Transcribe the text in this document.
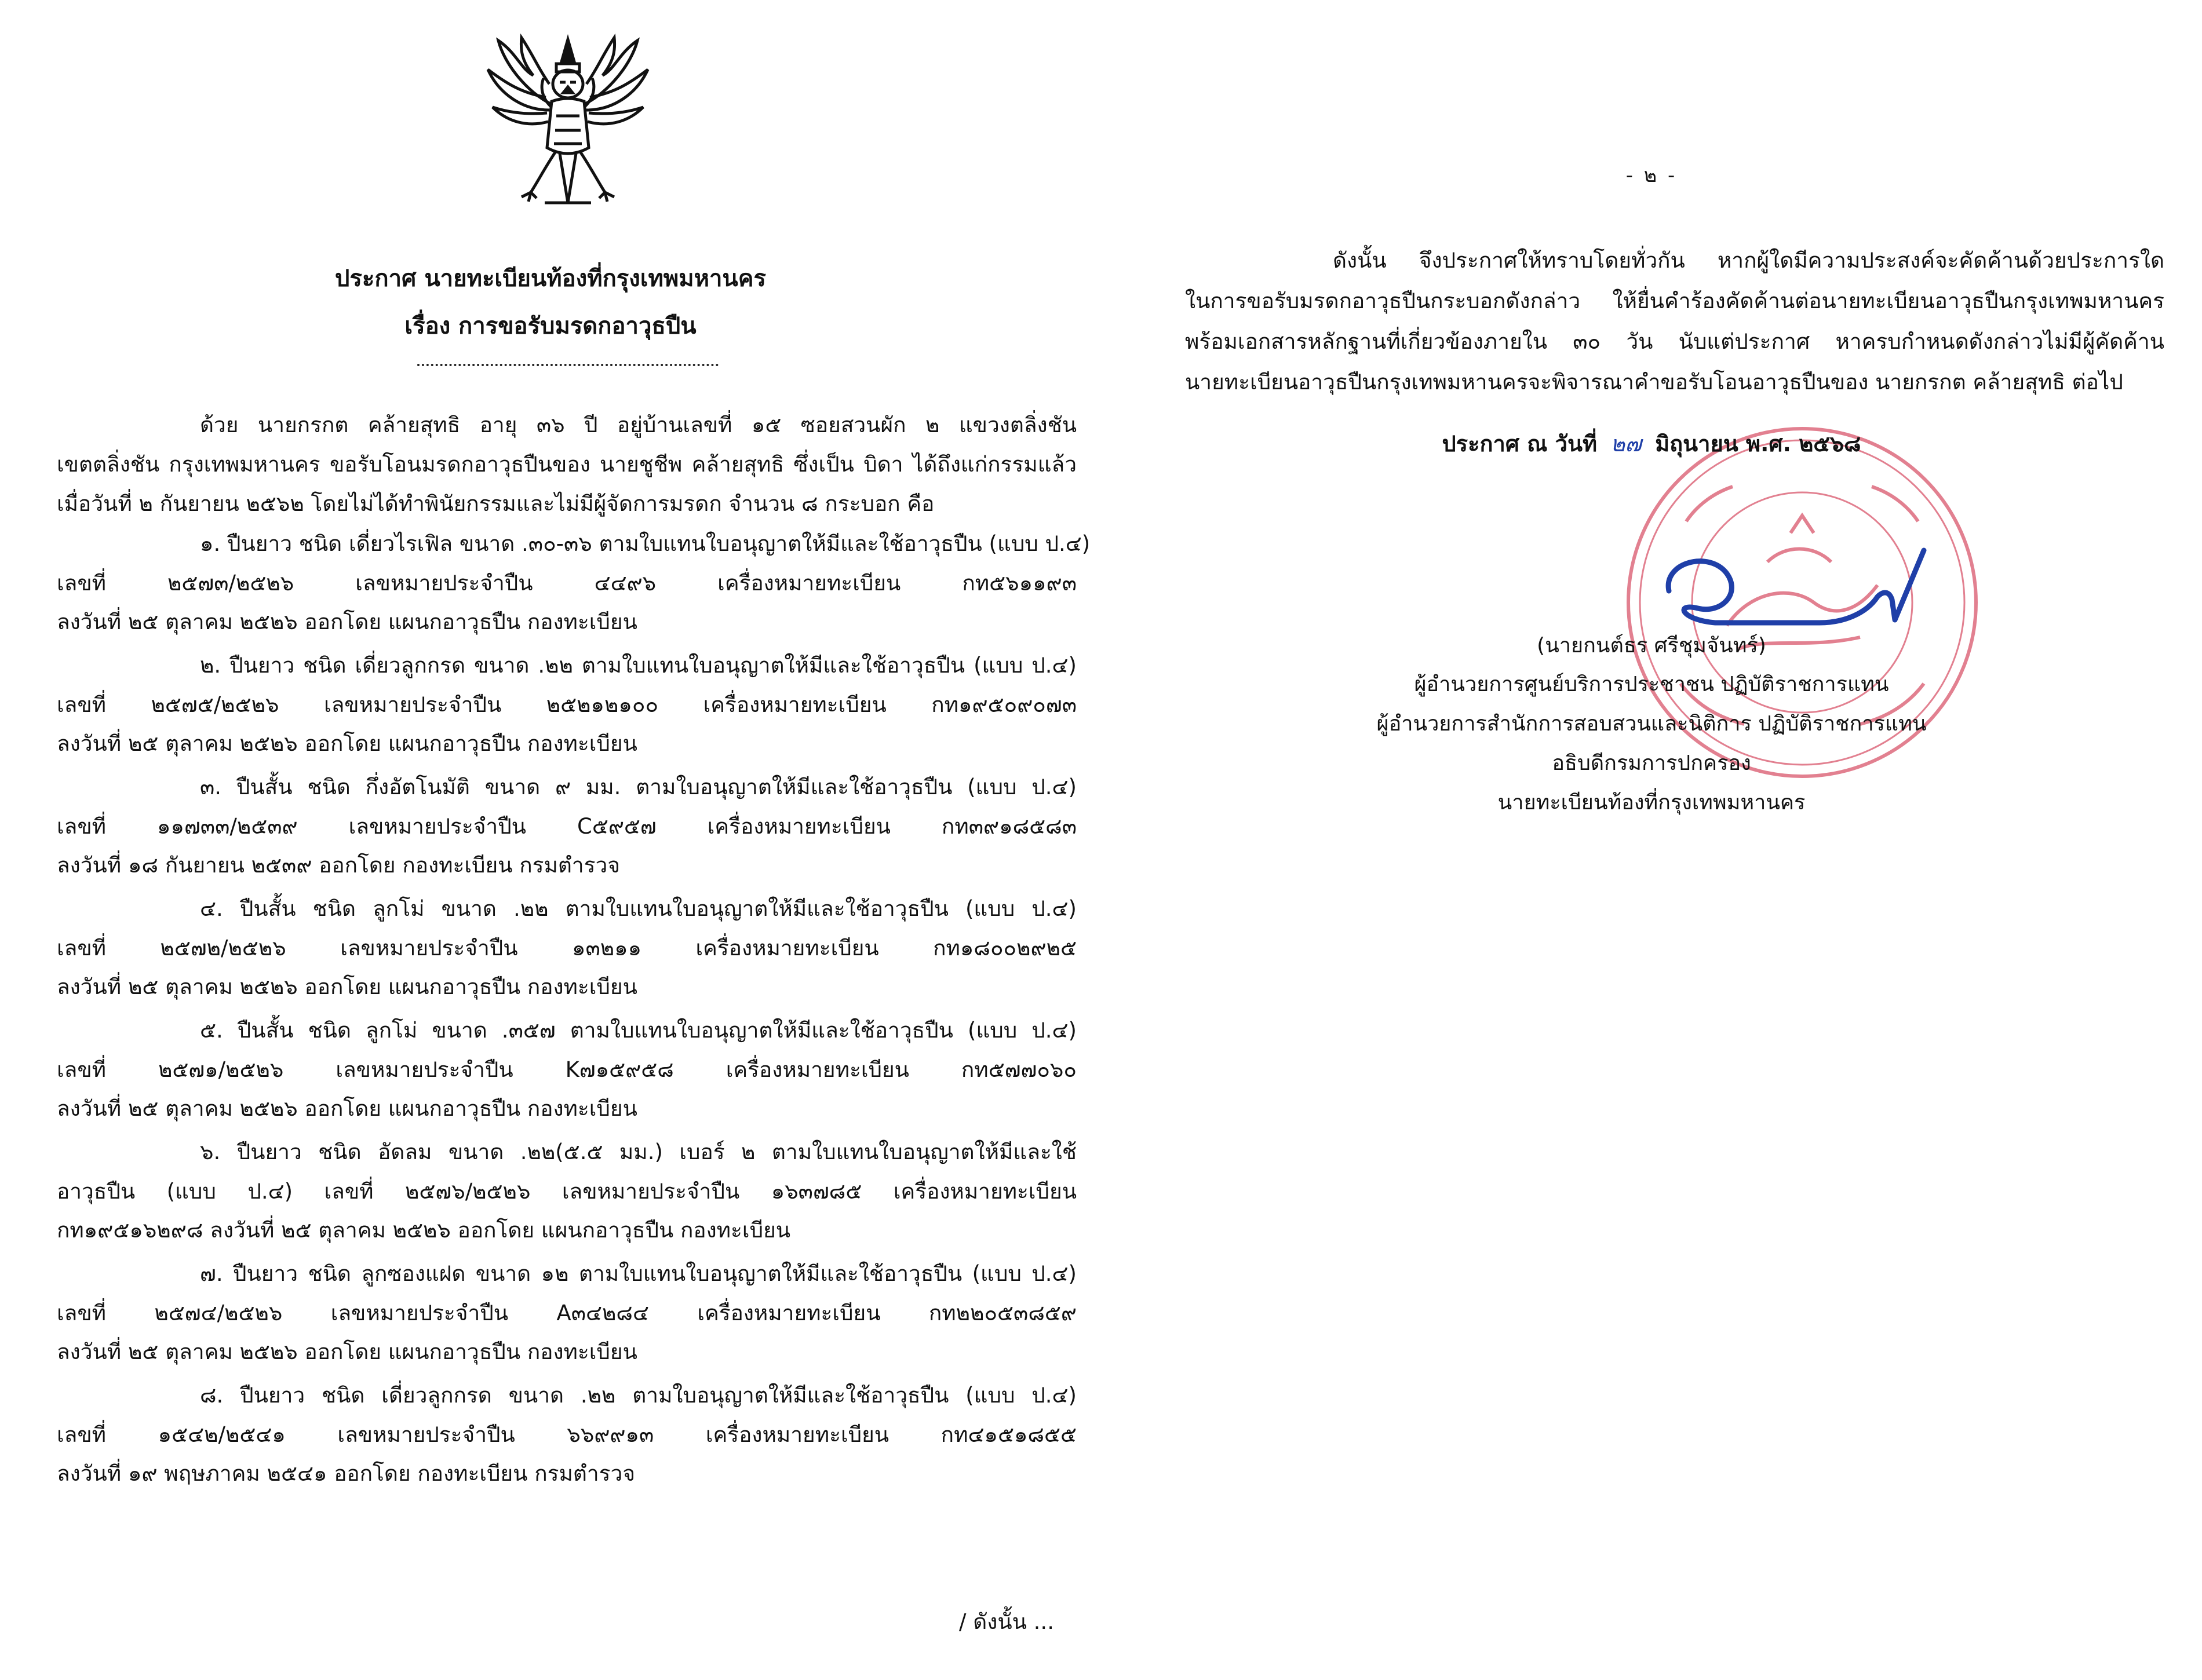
ประกาศ นายทะเบียนท้องที่กรุงเทพมหานคร
เรื่อง การขอรับมรดกอาวุธปืน
ด้วย นายกรกต คล้ายสุทธิ อายุ ๓๖ ปี อยู่บ้านเลขที่ ๑๕ ซอยสวนผัก ๒ แขวงตลิ่งชัน
เขตตลิ่งชัน กรุงเทพมหานคร ขอรับโอนมรดกอาวุธปืนของ นายชูชีพ คล้ายสุทธิ ซึ่งเป็น บิดา ได้ถึงแก่กรรมแล้ว
เมื่อวันที่ ๒ กันยายน ๒๕๖๒ โดยไม่ได้ทำพินัยกรรมและไม่มีผู้จัดการมรดก จำนวน ๘ กระบอก คือ
๑. ปืนยาว ชนิด เดี่ยวไรเฟิล ขนาด .๓๐-๓๖ ตามใบแทนใบอนุญาตให้มีและใช้อาวุธปืน (แบบ ป.๔)
เลขที่ ๒๕๗๓/๒๕๒๖ เลขหมายประจำปืน ๔๔๙๖ เครื่องหมายทะเบียน กท๕๖๑๑๙๓
ลงวันที่ ๒๕ ตุลาคม ๒๕๒๖ ออกโดย แผนกอาวุธปืน กองทะเบียน
๒. ปืนยาว ชนิด เดี่ยวลูกกรด ขนาด .๒๒ ตามใบแทนใบอนุญาตให้มีและใช้อาวุธปืน (แบบ ป.๔)
เลขที่ ๒๕๗๕/๒๕๒๖ เลขหมายประจำปืน ๒๕๒๑๒๑๐๐ เครื่องหมายทะเบียน กท๑๙๕๐๙๐๗๓
ลงวันที่ ๒๕ ตุลาคม ๒๕๒๖ ออกโดย แผนกอาวุธปืน กองทะเบียน
๓. ปืนสั้น ชนิด กึ่งอัตโนมัติ ขนาด ๙ มม. ตามใบอนุญาตให้มีและใช้อาวุธปืน (แบบ ป.๔)
เลขที่ ๑๑๗๓๓/๒๕๓๙ เลขหมายประจำปืน C๕๙๕๗ เครื่องหมายทะเบียน กท๓๙๑๘๕๘๓
ลงวันที่ ๑๘ กันยายน ๒๕๓๙ ออกโดย กองทะเบียน กรมตำรวจ
๔. ปืนสั้น ชนิด ลูกโม่ ขนาด .๒๒ ตามใบแทนใบอนุญาตให้มีและใช้อาวุธปืน (แบบ ป.๔)
เลขที่ ๒๕๗๒/๒๕๒๖ เลขหมายประจำปืน ๑๓๒๑๑ เครื่องหมายทะเบียน กท๑๘๐๐๒๙๒๕
ลงวันที่ ๒๕ ตุลาคม ๒๕๒๖ ออกโดย แผนกอาวุธปืน กองทะเบียน
๕. ปืนสั้น ชนิด ลูกโม่ ขนาด .๓๕๗ ตามใบแทนใบอนุญาตให้มีและใช้อาวุธปืน (แบบ ป.๔)
เลขที่ ๒๕๗๑/๒๕๒๖ เลขหมายประจำปืน K๗๑๕๙๕๘ เครื่องหมายทะเบียน กท๕๗๗๐๖๐
ลงวันที่ ๒๕ ตุลาคม ๒๕๒๖ ออกโดย แผนกอาวุธปืน กองทะเบียน
๖. ปืนยาว ชนิด อัดลม ขนาด .๒๒(๕.๕ มม.) เบอร์ ๒ ตามใบแทนใบอนุญาตให้มีและใช้
อาวุธปืน (แบบ ป.๔) เลขที่ ๒๕๗๖/๒๕๒๖ เลขหมายประจำปืน ๑๖๓๗๘๕ เครื่องหมายทะเบียน
กท๑๙๕๑๖๒๙๘ ลงวันที่ ๒๕ ตุลาคม ๒๕๒๖ ออกโดย แผนกอาวุธปืน กองทะเบียน
๗. ปืนยาว ชนิด ลูกซองแฝด ขนาด ๑๒ ตามใบแทนใบอนุญาตให้มีและใช้อาวุธปืน (แบบ ป.๔)
เลขที่ ๒๕๗๔/๒๕๒๖ เลขหมายประจำปืน A๓๔๒๘๔ เครื่องหมายทะเบียน กท๒๒๐๕๓๘๕๙
ลงวันที่ ๒๕ ตุลาคม ๒๕๒๖ ออกโดย แผนกอาวุธปืน กองทะเบียน
๘. ปืนยาว ชนิด เดี่ยวลูกกรด ขนาด .๒๒ ตามใบอนุญาตให้มีและใช้อาวุธปืน (แบบ ป.๔)
เลขที่ ๑๕๔๒/๒๕๔๑ เลขหมายประจำปืน ๖๖๙๙๑๓ เครื่องหมายทะเบียน กท๔๑๕๑๘๕๕
ลงวันที่ ๑๙ พฤษภาคม ๒๕๔๑ ออกโดย กองทะเบียน กรมตำรวจ
/ ดังนั้น ...
- ๒ -
ดังนั้น จึงประกาศให้ทราบโดยทั่วกัน หากผู้ใดมีความประสงค์จะคัดค้านด้วยประการใด
ในการขอรับมรดกอาวุธปืนกระบอกดังกล่าว ให้ยื่นคำร้องคัดค้านต่อนายทะเบียนอาวุธปืนกรุงเทพมหานคร
พร้อมเอกสารหลักฐานที่เกี่ยวข้องภายใน ๓๐ วัน นับแต่ประกาศ หาครบกำหนดดังกล่าวไม่มีผู้คัดค้าน
นายทะเบียนอาวุธปืนกรุงเทพมหานครจะพิจารณาคำขอรับโอนอาวุธปืนของ นายกรกต คล้ายสุทธิ ต่อไป
ประกาศ ณ วันที่ ๒๗ มิถุนายน พ.ศ. ๒๕๖๘
(นายกนต์ธร ศรีชุมจันทร์)
ผู้อำนวยการศูนย์บริการประชาชน ปฏิบัติราชการแทน
ผู้อำนวยการสำนักการสอบสวนและนิติการ ปฏิบัติราชการแทน
อธิบดีกรมการปกครอง
นายทะเบียนท้องที่กรุงเทพมหานคร
